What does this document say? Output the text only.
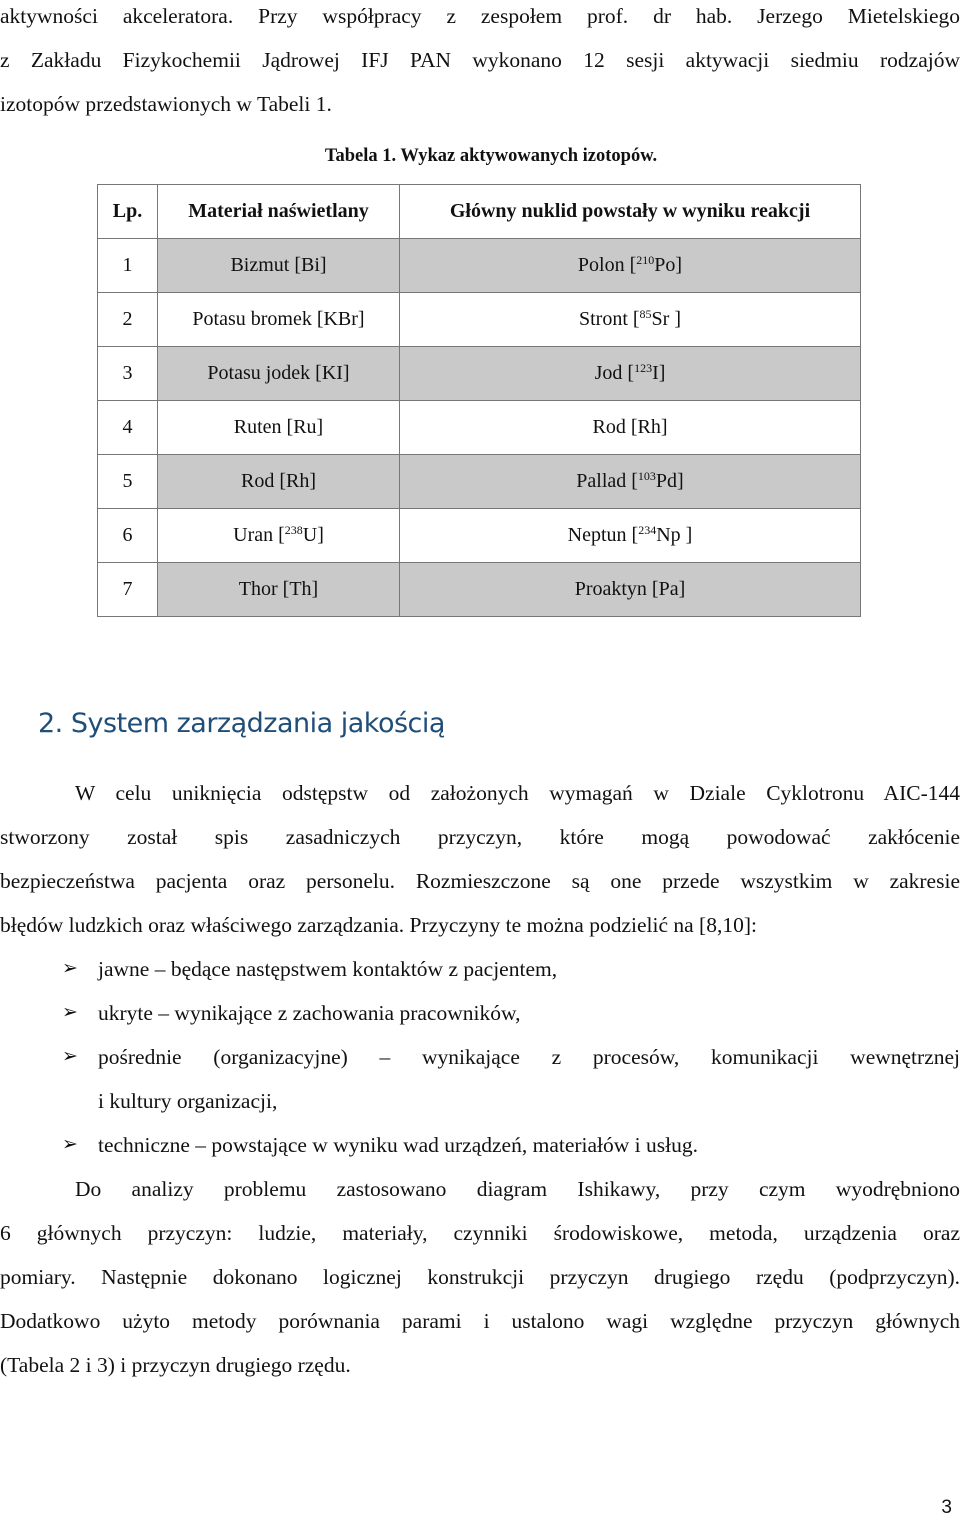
aktywności akceleratora. Przy współpracy z zespołem prof. dr hab. Jerzego Mietelskiego
z Zakładu Fizykochemii Jądrowej IFJ PAN wykonano 12 sesji aktywacji siedmiu rodzajów
izotopów przedstawionych w Tabeli 1.
Tabela 1. Wykaz aktywowanych izotopów.
Lp.	Materiał naświetlany	Główny nuklid powstały w wyniku reakcji
1	Bizmut [Bi]	Polon [$^{210}$Po]
2	Potasu bromek [KBr]	Stront [$^{85}$Sr ]
3	Potasu jodek [KI]	Jod [$^{123}$I]
4	Ruten [Ru]	Rod [Rh]
5	Rod [Rh]	Pallad [$^{103}$Pd]
6	Uran [$^{238}$U]	Neptun [$^{234}$Np ]
7	Thor [Th]	Proaktyn [Pa]
2. System zarządzania jakością
W celu uniknięcia odstępstw od założonych wymagań w Dziale Cyklotronu AIC-144
stworzony został spis zasadniczych przyczyn, które mogą powodować zakłócenie
bezpieczeństwa pacjenta oraz personelu. Rozmieszczone są one przede wszystkim w zakresie
błędów ludzkich oraz właściwego zarządzania. Przyczyny te można podzielić na [8,10]:
➢ jawne – będące następstwem kontaktów z pacjentem,
➢ ukryte – wynikające z zachowania pracowników,
➢ pośrednie (organizacyjne) – wynikające z procesów, komunikacji wewnętrznej
i kultury organizacji,
➢ techniczne – powstające w wyniku wad urządzeń, materiałów i usług.
Do analizy problemu zastosowano diagram Ishikawy, przy czym wyodrębniono
6 głównych przyczyn: ludzie, materiały, czynniki środowiskowe, metoda, urządzenia oraz
pomiary. Następnie dokonano logicznej konstrukcji przyczyn drugiego rzędu (podprzyczyn).
Dodatkowo użyto metody porównania parami i ustalono wagi względne przyczyn głównych
(Tabela 2 i 3) i przyczyn drugiego rzędu.
3
